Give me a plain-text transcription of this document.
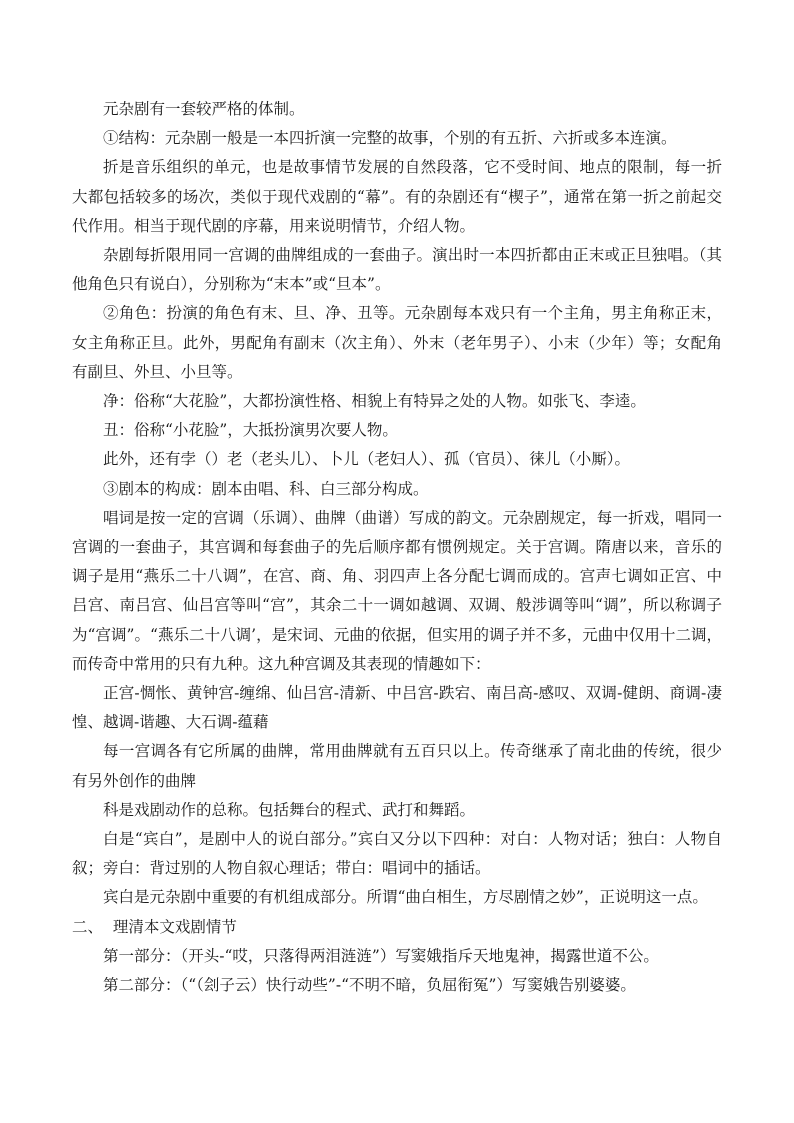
元杂剧有一套较严格的体制。

①结构：元杂剧一般是一本四折演一完整的故事，个别的有五折、六折或多本连演。

折是音乐组织的单元，也是故事情节发展的自然段落，它不受时间、地点的限制，每一折大都包括较多的场次，类似于现代戏剧的“幕”。有的杂剧还有“楔子”，通常在第一折之前起交代作用。相当于现代剧的序幕，用来说明情节，介绍人物。

杂剧每折限用同一宫调的曲牌组成的一套曲子。演出时一本四折都由正末或正旦独唱。（其他角色只有说白），分别称为“末本”或“旦本”。

②角色：扮演的角色有末、旦、净、丑等。元杂剧每本戏只有一个主角，男主角称正末，女主角称正旦。此外，男配角有副末（次主角）、外末（老年男子）、小末（少年）等；女配角有副旦、外旦、小旦等。

净：俗称“大花脸”，大都扮演性格、相貌上有特异之处的人物。如张飞、李逵。

丑：俗称“小花脸”，大抵扮演男次要人物。

此外，还有孛（）老（老头儿）、卜儿（老妇人）、孤（官员）、徕儿（小厮）。

③剧本的构成：剧本由唱、科、白三部分构成。

唱词是按一定的宫调（乐调）、曲牌（曲谱）写成的韵文。元杂剧规定，每一折戏，唱同一宫调的一套曲子，其宫调和每套曲子的先后顺序都有惯例规定。关于宫调。隋唐以来，音乐的调子是用“燕乐二十八调”，在宫、商、角、羽四声上各分配七调而成的。宫声七调如正宫、中吕宫、南吕宫、仙吕宫等叫“宫”，其余二十一调如越调、双调、般涉调等叫“调”，所以称调子为“宫调”。“燕乐二十八调’，是宋词、元曲的依据，但实用的调子并不多，元曲中仅用十二调，而传奇中常用的只有九种。这九种宫调及其表现的情趣如下：

正宫-惆怅、黄钟宫-缠绵、仙吕宫-清新、中吕宫-跌宕、南吕高-感叹、双调-健朗、商调-凄惶、越调-谐趣、大石调-蕴藉

每一宫调各有它所属的曲牌，常用曲牌就有五百只以上。传奇继承了南北曲的传统，很少有另外创作的曲牌

科是戏剧动作的总称。包括舞台的程式、武打和舞蹈。

白是“宾白”，是剧中人的说白部分。”宾白又分以下四种：对白：人物对话；独白：人物自叙；旁白：背过别的人物自叙心理话；带白：唱词中的插话。

宾白是元杂剧中重要的有机组成部分。所谓“曲白相生，方尽剧情之妙”，正说明这一点。

二、  理清本文戏剧情节

第一部分：（开头-“哎，只落得两泪涟涟”）写窦娥指斥天地鬼神，揭露世道不公。

第二部分：（“（刽子云）快行动些”-“不明不暗，负屈衔冤”）写窦娥告别婆婆。
